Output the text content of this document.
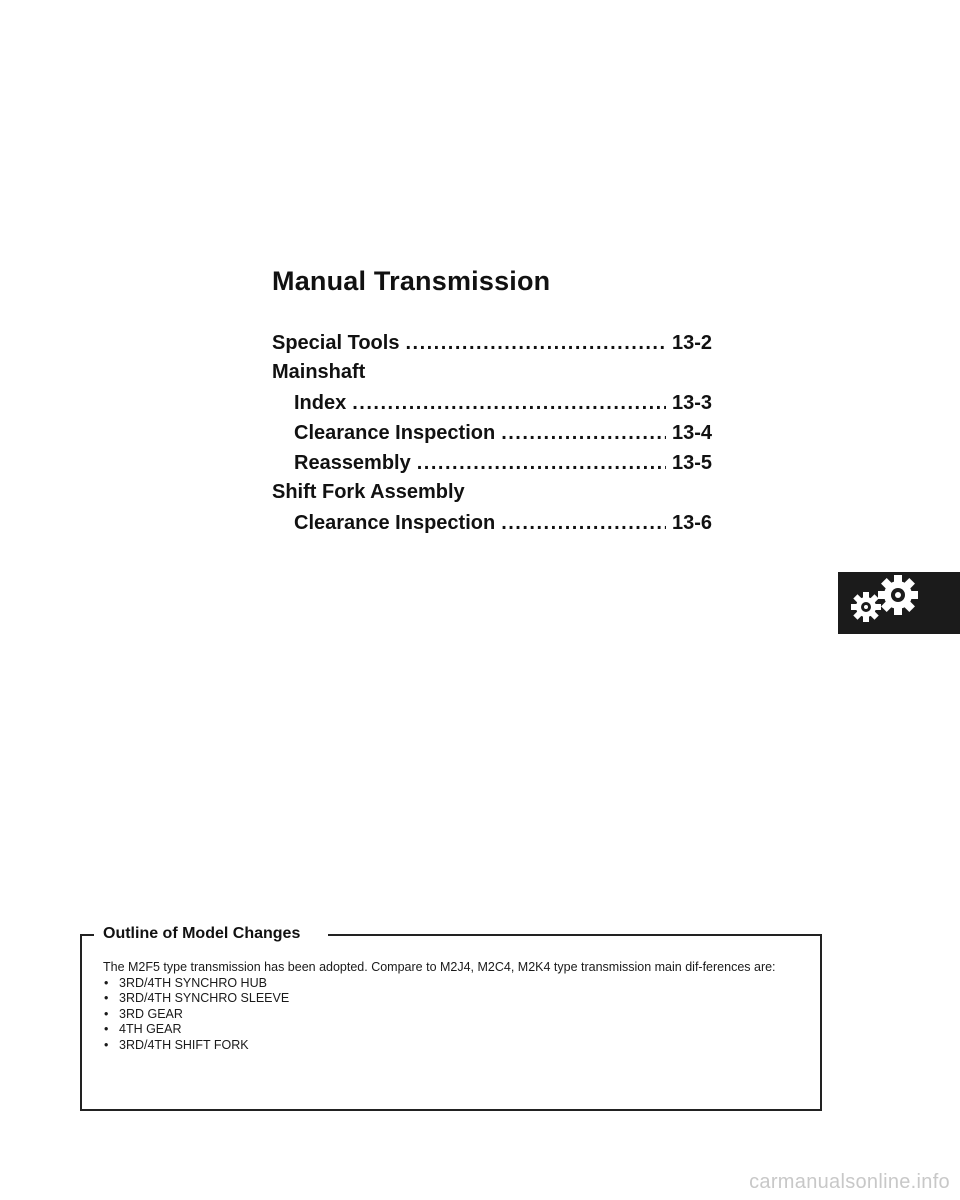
Manual Transmission
Special Tools .....	13-2
Mainshaft
Index .....	13-3
Clearance Inspection .....	13-4
Reassembly .....	13-5
Shift Fork Assembly
Clearance Inspection .....	13-6
Outline of Model Changes

The M2F5 type transmission has been adopted. Compare to M2J4, M2C4, M2K4 type transmission main dif-ferences are:

• 3RD/4TH SYNCHRO HUB
• 3RD/4TH SYNCHRO SLEEVE
• 3RD GEAR
• 4TH GEAR
• 3RD/4TH SHIFT FORK
carmanualsonline.info
